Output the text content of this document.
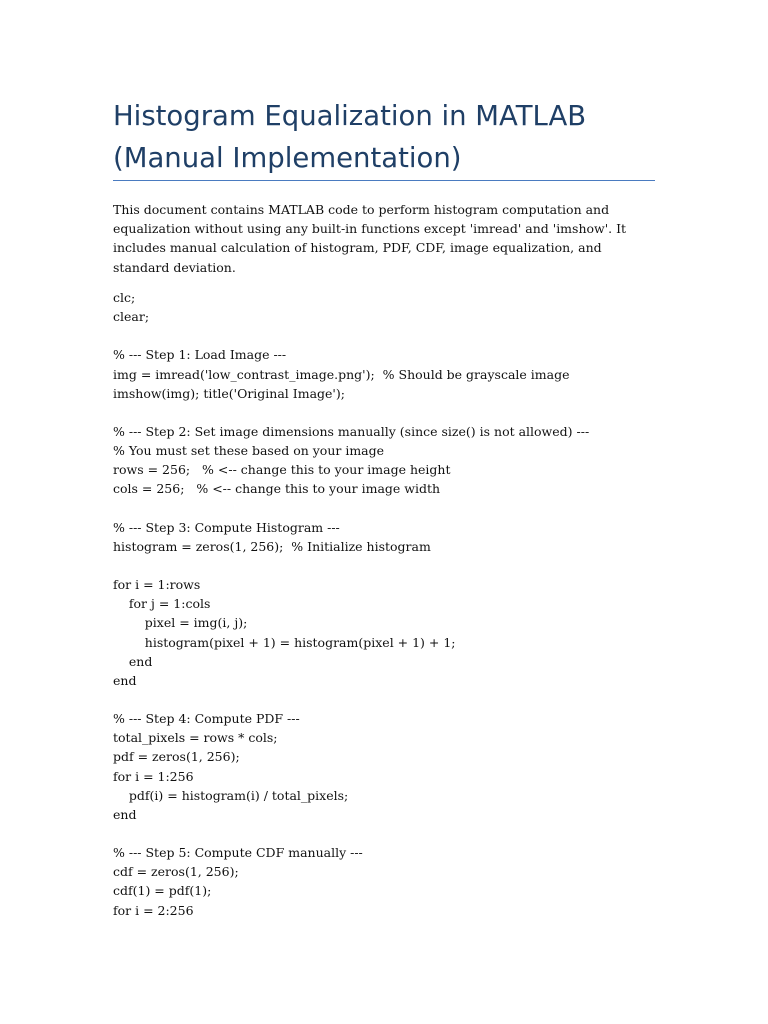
Histogram Equalization in MATLAB (Manual Implementation)

This document contains MATLAB code to perform histogram computation and equalization without using any built-in functions except 'imread' and 'imshow'. It includes manual calculation of histogram, PDF, CDF, image equalization, and standard deviation.

clc;
clear;
% --- Step 1: Load Image ---
img = imread('low_contrast_image.png');  % Should be grayscale image
imshow(img); title('Original Image');
% --- Step 2: Set image dimensions manually (since size() is not allowed) ---
% You must set these based on your image
rows = 256;   % <-- change this to your image height
cols = 256;   % <-- change this to your image width
% --- Step 3: Compute Histogram ---
histogram = zeros(1, 256);  % Initialize histogram
for i = 1:rows
for j = 1:cols
pixel = img(i, j);
histogram(pixel + 1) = histogram(pixel + 1) + 1;
end
end
% --- Step 4: Compute PDF ---
total_pixels = rows * cols;
pdf = zeros(1, 256);
for i = 1:256
pdf(i) = histogram(i) / total_pixels;
end
% --- Step 5: Compute CDF manually ---
cdf = zeros(1, 256);
cdf(1) = pdf(1);
for i = 2:256
